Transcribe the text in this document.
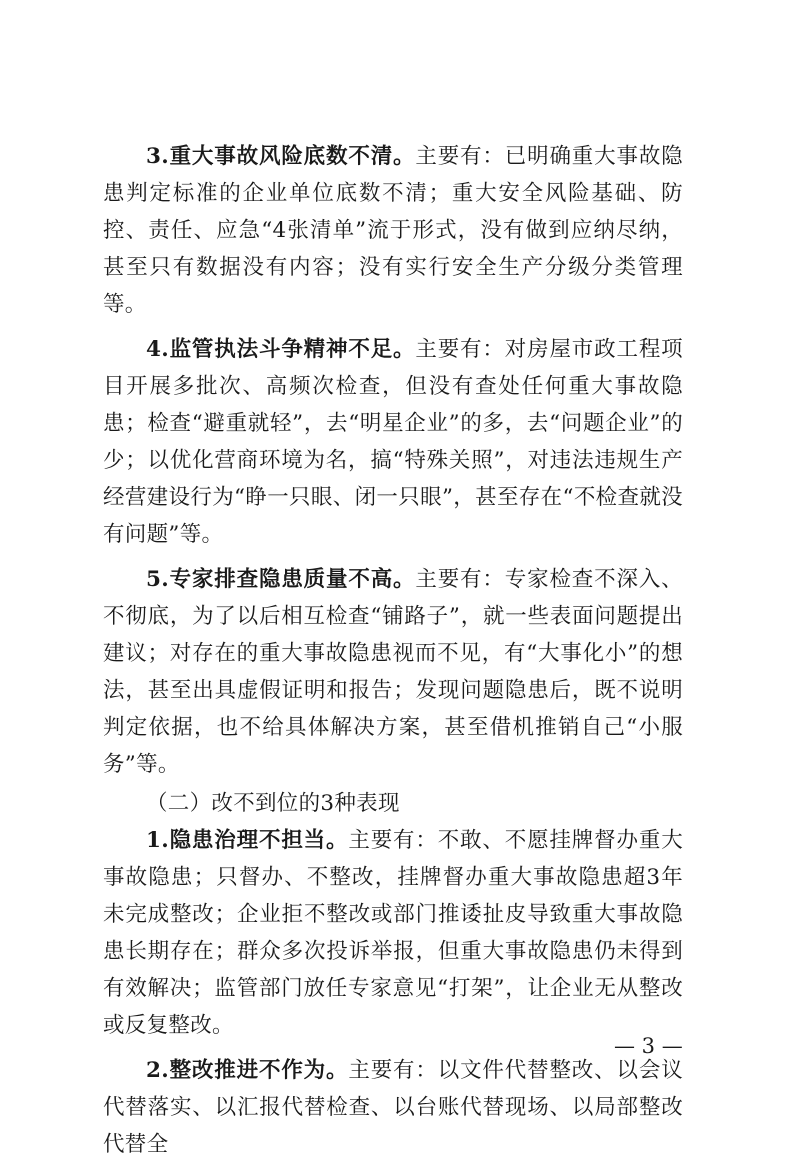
3.重大事故风险底数不清。主要有：已明确重大事故隐患判定标准的企业单位底数不清；重大安全风险基础、防控、责任、应急“4张清单”流于形式，没有做到应纳尽纳，甚至只有数据没有内容；没有实行安全生产分级分类管理等。

4.监管执法斗争精神不足。主要有：对房屋市政工程项目开展多批次、高频次检查，但没有查处任何重大事故隐患；检查“避重就轻”，去“明星企业”的多，去“问题企业”的少；以优化营商环境为名，搞“特殊关照”，对违法违规生产经营建设行为“睁一只眼、闭一只眼”，甚至存在“不检查就没有问题”等。

5.专家排查隐患质量不高。主要有：专家检查不深入、不彻底，为了以后相互检查“铺路子”，就一些表面问题提出建议；对存在的重大事故隐患视而不见，有“大事化小”的想法，甚至出具虚假证明和报告；发现问题隐患后，既不说明判定依据，也不给具体解决方案，甚至借机推销自己“小服务”等。

（二）改不到位的3种表现

1.隐患治理不担当。主要有：不敢、不愿挂牌督办重大事故隐患；只督办、不整改，挂牌督办重大事故隐患超3年未完成整改；企业拒不整改或部门推诿扯皮导致重大事故隐患长期存在；群众多次投诉举报，但重大事故隐患仍未得到有效解决；监管部门放任专家意见“打架”，让企业无从整改或反复整改。

2.整改推进不作为。主要有：以文件代替整改、以会议代替落实、以汇报代替检查、以台账代替现场、以局部整改代替全

— 3 —
